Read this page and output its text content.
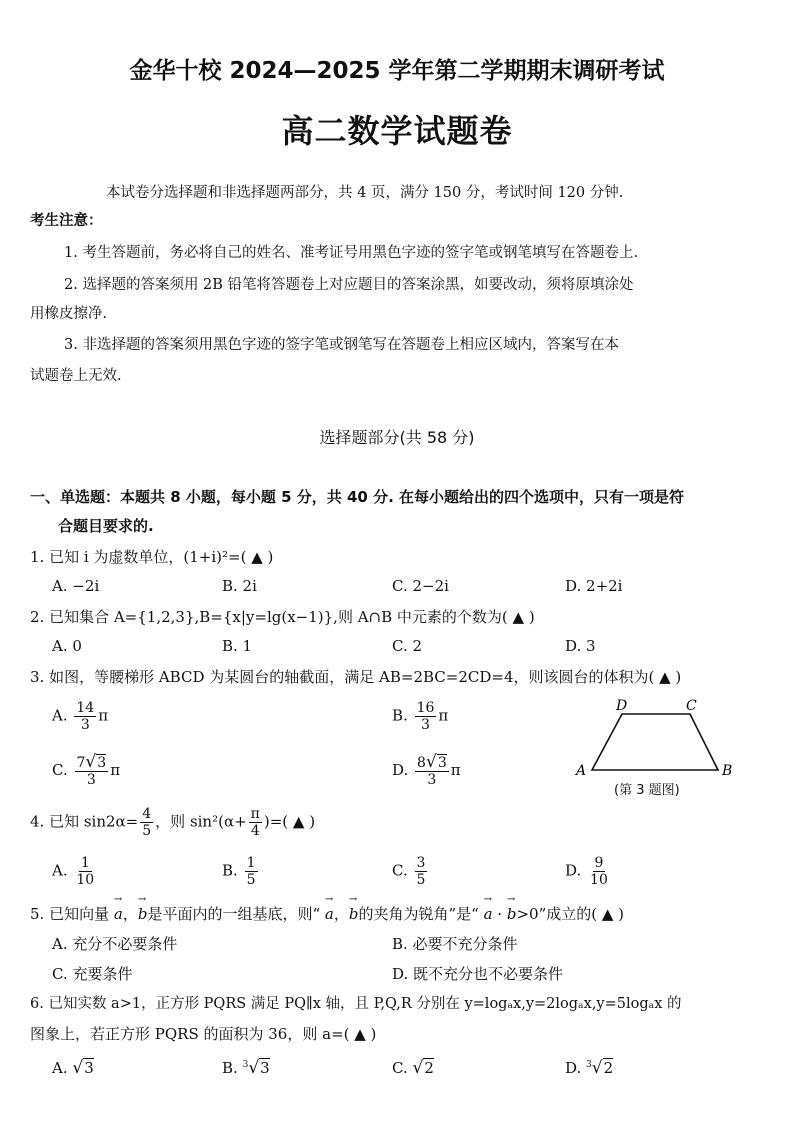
金华十校 2024—2025 学年第二学期期末调研考试
高二数学试题卷
本试卷分选择题和非选择题两部分，共 4 页，满分 150 分，考试时间 120 分钟.
考生注意：
1. 考生答题前，务必将自己的姓名、准考证号用黑色字迹的签字笔或钢笔填写在答题卷上.
2. 选择题的答案须用 2B 铅笔将答题卷上对应题目的答案涂黑，如要改动，须将原填涂处
用橡皮擦净.
3. 非选择题的答案须用黑色字迹的签字笔或钢笔写在答题卷上相应区域内，答案写在本
试题卷上无效.
选择题部分(共 58 分)
一、单选题：本题共 8 小题，每小题 5 分，共 40 分. 在每小题给出的四个选项中，只有一项是符
合题目要求的.
1. 已知 i 为虚数单位，(1+i)²=( ▲ )
A. −2i	B. 2i	C. 2−2i	D. 2+2i
2. 已知集合 A={1,2,3},B={x|y=lg(x−1)},则 A∩B 中元素的个数为( ▲ )
A. 0	B. 1	C. 2	D. 3
3. 如图，等腰梯形 ABCD 为某圆台的轴截面，满足 AB=2BC=2CD=4，则该圆台的体积为( ▲ )
A. $\frac{14}{3}$ π	B. $\frac{16}{3}$ π
C. $\frac{7√3}{3}$ π	D. $\frac{8√3}{3}$ π
D	C
A	B
(第 3 题图)
4. 已知 $\sin 2\alpha= \frac{4}{5}$ ，则 $\sin^2(\alpha+ \frac{\pi}{4}$ )=( ▲ )
A. $\frac{1}{10}$	B. $\frac{1}{5}$	C. $\frac{3}{5}$	D. $\frac{9}{10}$
5. 已知向量 → a，→ b是平面内的一组基底，则“ → a，→ b的夹角为锐角”是“ → a · → b>0”成立的( ▲ )
A. 充分不必要条件	B. 必要不充分条件
C. 充要条件	D. 既不充分也不必要条件
6. 已知实数 a>1，正方形 PQRS 满足 PQ∥x 轴，且 P,Q,R 分别在 y=logₐx,y=2logₐx,y=5logₐx 的
图象上，若正方形 PQRS 的面积为 36，则 a=( ▲ )
A. √3	B. $^3$√3	C. √2	D. $^3$√2
